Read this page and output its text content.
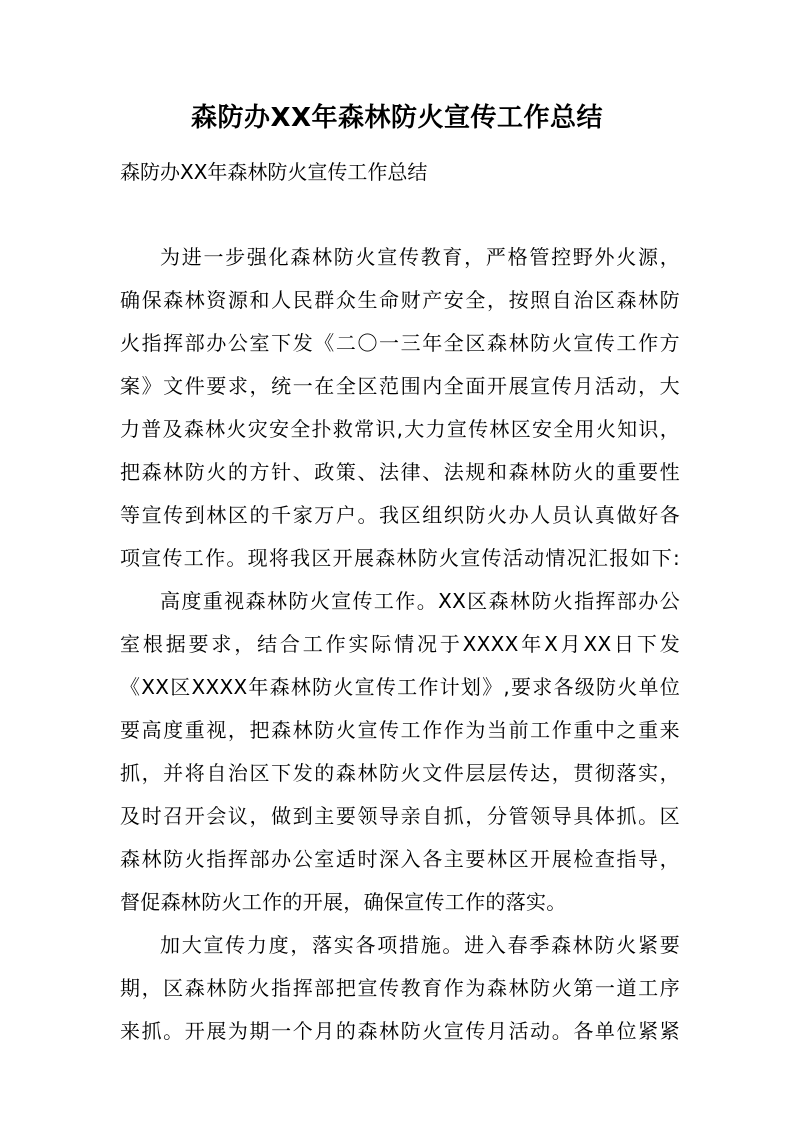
森防办XX年森林防火宣传工作总结
森防办XX年森林防火宣传工作总结
为进一步强化森林防火宣传教育，严格管控野外火源，
确保森林资源和人民群众生命财产安全，按照自治区森林防
火指挥部办公室下发《二〇一三年全区森林防火宣传工作方
案》文件要求，统一在全区范围内全面开展宣传月活动，大
力普及森林火灾安全扑救常识,大力宣传林区安全用火知识，
把森林防火的方针、政策、法律、法规和森林防火的重要性
等宣传到林区的千家万户。我区组织防火办人员认真做好各
项宣传工作。现将我区开展森林防火宣传活动情况汇报如下:
高度重视森林防火宣传工作。XX区森林防火指挥部办公
室根据要求，结合工作实际情况于XXXX年X月XX日下发
《XX区XXXX年森林防火宣传工作计划》,要求各级防火单位
要高度重视，把森林防火宣传工作作为当前工作重中之重来
抓，并将自治区下发的森林防火文件层层传达，贯彻落实，
及时召开会议，做到主要领导亲自抓，分管领导具体抓。区
森林防火指挥部办公室适时深入各主要林区开展检查指导，
督促森林防火工作的开展，确保宣传工作的落实。
加大宣传力度，落实各项措施。进入春季森林防火紧要
期，区森林防火指挥部把宣传教育作为森林防火第一道工序
来抓。开展为期一个月的森林防火宣传月活动。各单位紧紧
